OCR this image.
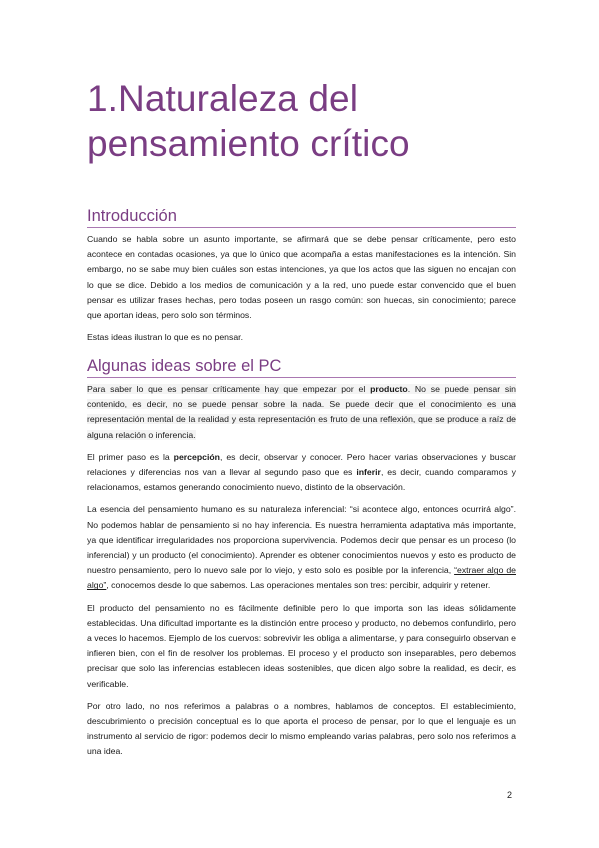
1.Naturaleza del pensamiento crítico
Introducción

Cuando se habla sobre un asunto importante, se afirmará que se debe pensar críticamente, pero esto acontece en contadas ocasiones, ya que lo único que acompaña a estas manifestaciones es la intención. Sin embargo, no se sabe muy bien cuáles son estas intenciones, ya que los actos que las siguen no encajan con lo que se dice. Debido a los medios de comunicación y a la red, uno puede estar convencido que el buen pensar es utilizar frases hechas, pero todas poseen un rasgo común: son huecas, sin conocimiento; parece que aportan ideas, pero solo son términos.

Estas ideas ilustran lo que es no pensar.

Algunas ideas sobre el PC

Para saber lo que es pensar críticamente hay que empezar por el producto. No se puede pensar sin contenido, es decir, no se puede pensar sobre la nada. Se puede decir que el conocimiento es una representación mental de la realidad y esta representación es fruto de una reflexión, que se produce a raíz de alguna relación o inferencia.

El primer paso es la percepción, es decir, observar y conocer. Pero hacer varias observaciones y buscar relaciones y diferencias nos van a llevar al segundo paso que es inferir, es decir, cuando comparamos y relacionamos, estamos generando conocimiento nuevo, distinto de la observación.

La esencia del pensamiento humano es su naturaleza inferencial: “si acontece algo, entonces ocurrirá algo”. No podemos hablar de pensamiento si no hay inferencia. Es nuestra herramienta adaptativa más importante, ya que identificar irregularidades nos proporciona supervivencia. Podemos decir que pensar es un proceso (lo inferencial) y un producto (el conocimiento). Aprender es obtener conocimientos nuevos y esto es producto de nuestro pensamiento, pero lo nuevo sale por lo viejo, y esto solo es posible por la inferencia, “extraer algo de algo”, conocemos desde lo que sabemos. Las operaciones mentales son tres: percibir, adquirir y retener.

El producto del pensamiento no es fácilmente definible pero lo que importa son las ideas sólidamente establecidas. Una dificultad importante es la distinción entre proceso y producto, no debemos confundirlo, pero a veces lo hacemos. Ejemplo de los cuervos: sobrevivir les obliga a alimentarse, y para conseguirlo observan e infieren bien, con el fin de resolver los problemas. El proceso y el producto son inseparables, pero debemos precisar que solo las inferencias establecen ideas sostenibles, que dicen algo sobre la realidad, es decir, es verificable.

Por otro lado, no nos referimos a palabras o a nombres, hablamos de conceptos. El establecimiento, descubrimiento o precisión conceptual es lo que aporta el proceso de pensar, por lo que el lenguaje es un instrumento al servicio de rigor: podemos decir lo mismo empleando varias palabras, pero solo nos referimos a una idea.

2
